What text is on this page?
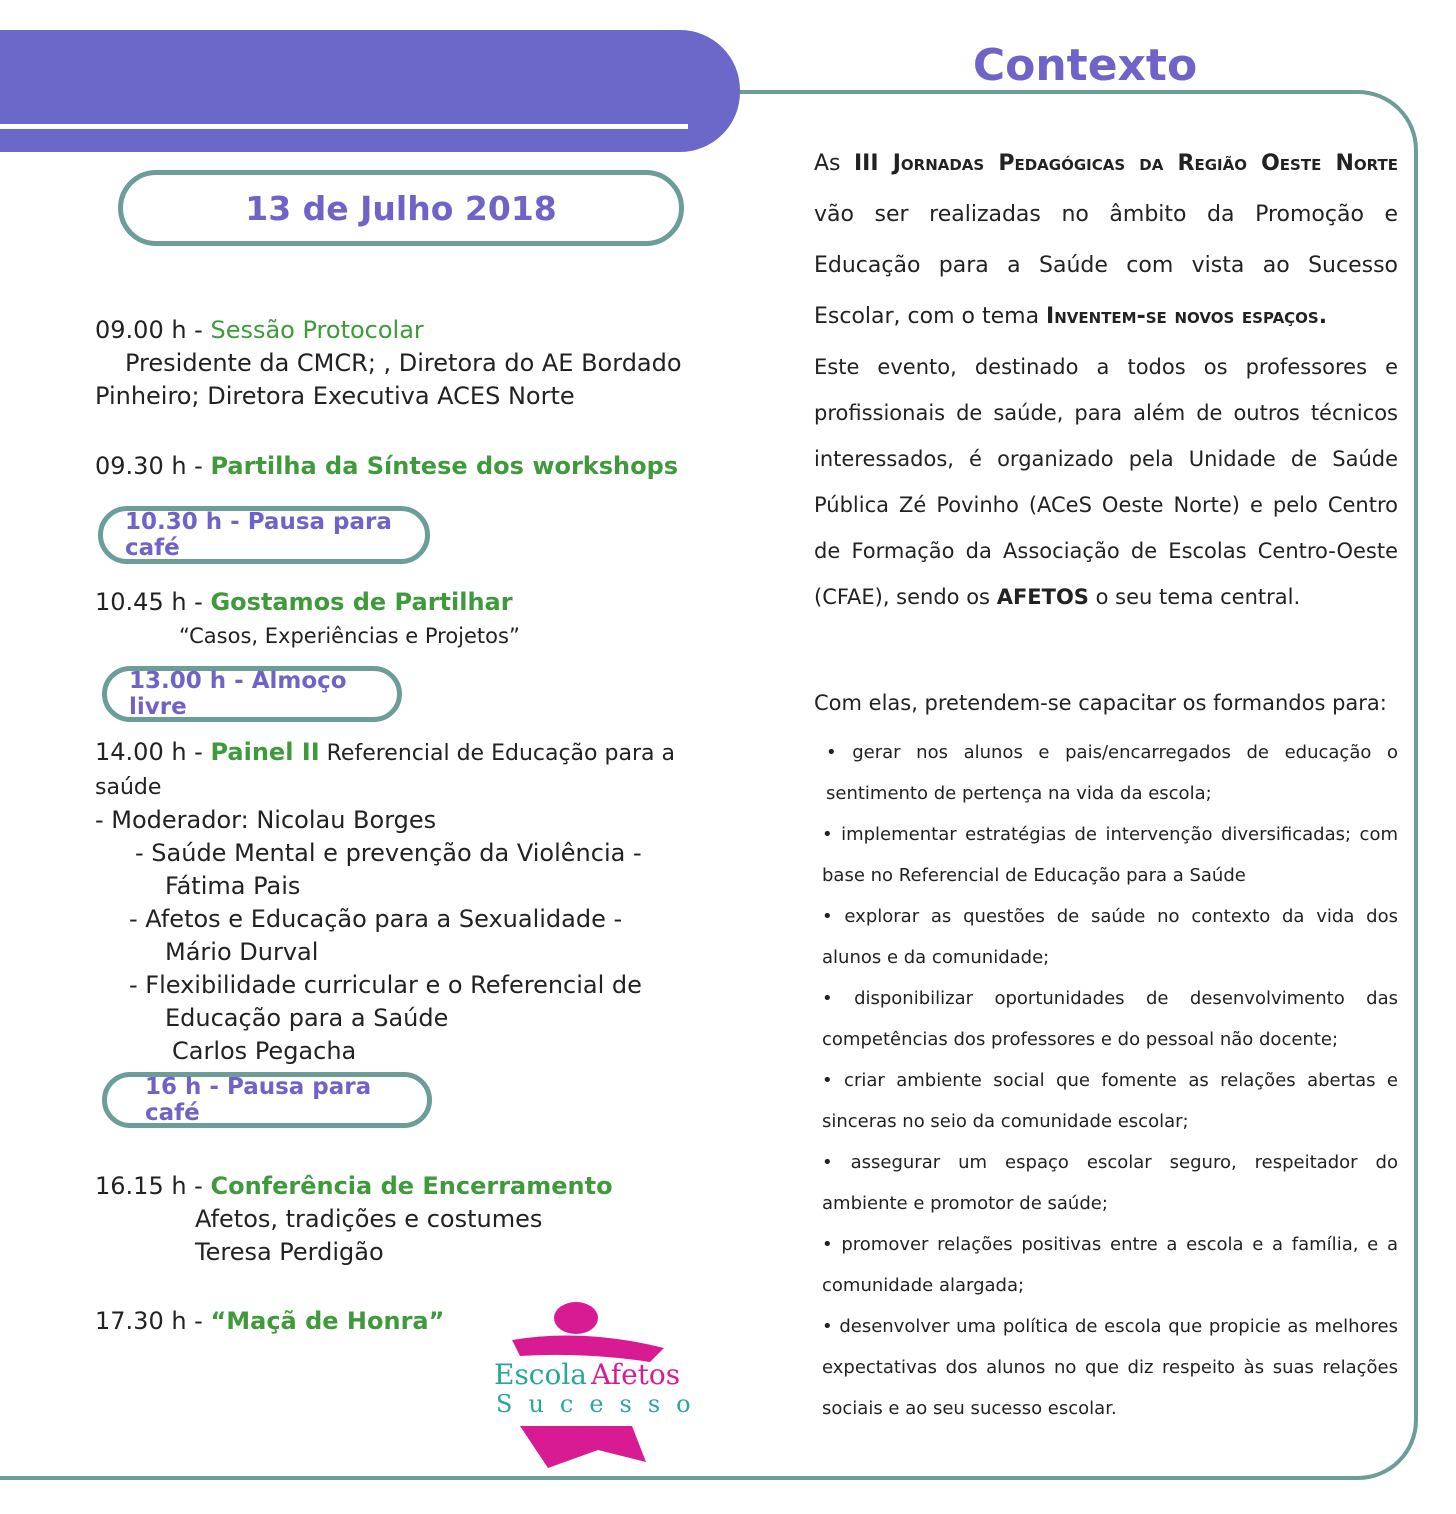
Contexto
13 de Julho 2018
09.00 h - Sessão Protocolar
Presidente da CMCR; , Diretora do AE Bordado
Pinheiro; Diretora Executiva ACES Norte
09.30 h - Partilha da Síntese dos workshops
10.30 h - Pausa para café
10.45 h - Gostamos de Partilhar
“Casos, Experiências e Projetos”
13.00 h - Almoço livre
14.00 h - Painel II Referencial de Educação para a
saúde
- Moderador: Nicolau Borges
- Saúde Mental e prevenção da Violência -
Fátima Pais
- Afetos e Educação para a Sexualidade -
Mário Durval
- Flexibilidade curricular e o Referencial de
Educação para a Saúde
Carlos Pegacha
16 h - Pausa para café
16.15 h - Conferência de Encerramento
Afetos, tradições e costumes
Teresa Perdigão
17.30 h - “Maçã de Honra”
Escola Afetos
Sucesso
As III Jornadas Pedagógicas da Região Oeste Norte vão ser realizadas no âmbito da Promoção e Educação para a Saúde com vista ao Sucesso Escolar, com o tema Inventem-se novos espaços.
Este evento, destinado a todos os professores e profissionais de saúde, para além de outros técnicos interessados, é organizado pela Unidade de Saúde Pública Zé Povinho (ACeS Oeste Norte) e pelo Centro de Formação da Associação de Escolas Centro-Oeste (CFAE), sendo os AFETOS o seu tema central.
Com elas, pretendem-se capacitar os formandos para:

• gerar nos alunos e pais/encarregados de educação o sentimento de pertença na vida da escola;

• implementar estratégias de intervenção diversificadas; com base no Referencial de Educação para a Saúde

• explorar as questões de saúde no contexto da vida dos alunos e da comunidade;

• disponibilizar oportunidades de desenvolvimento das competências dos professores e do pessoal não docente;

• criar ambiente social que fomente as relações abertas e sinceras no seio da comunidade escolar;

• assegurar um espaço escolar seguro, respeitador do ambiente e promotor de saúde;

• promover relações positivas entre a escola e a família, e a comunidade alargada;

• desenvolver uma política de escola que propicie as melhores expectativas dos alunos no que diz respeito às suas relações sociais e ao seu sucesso escolar.
